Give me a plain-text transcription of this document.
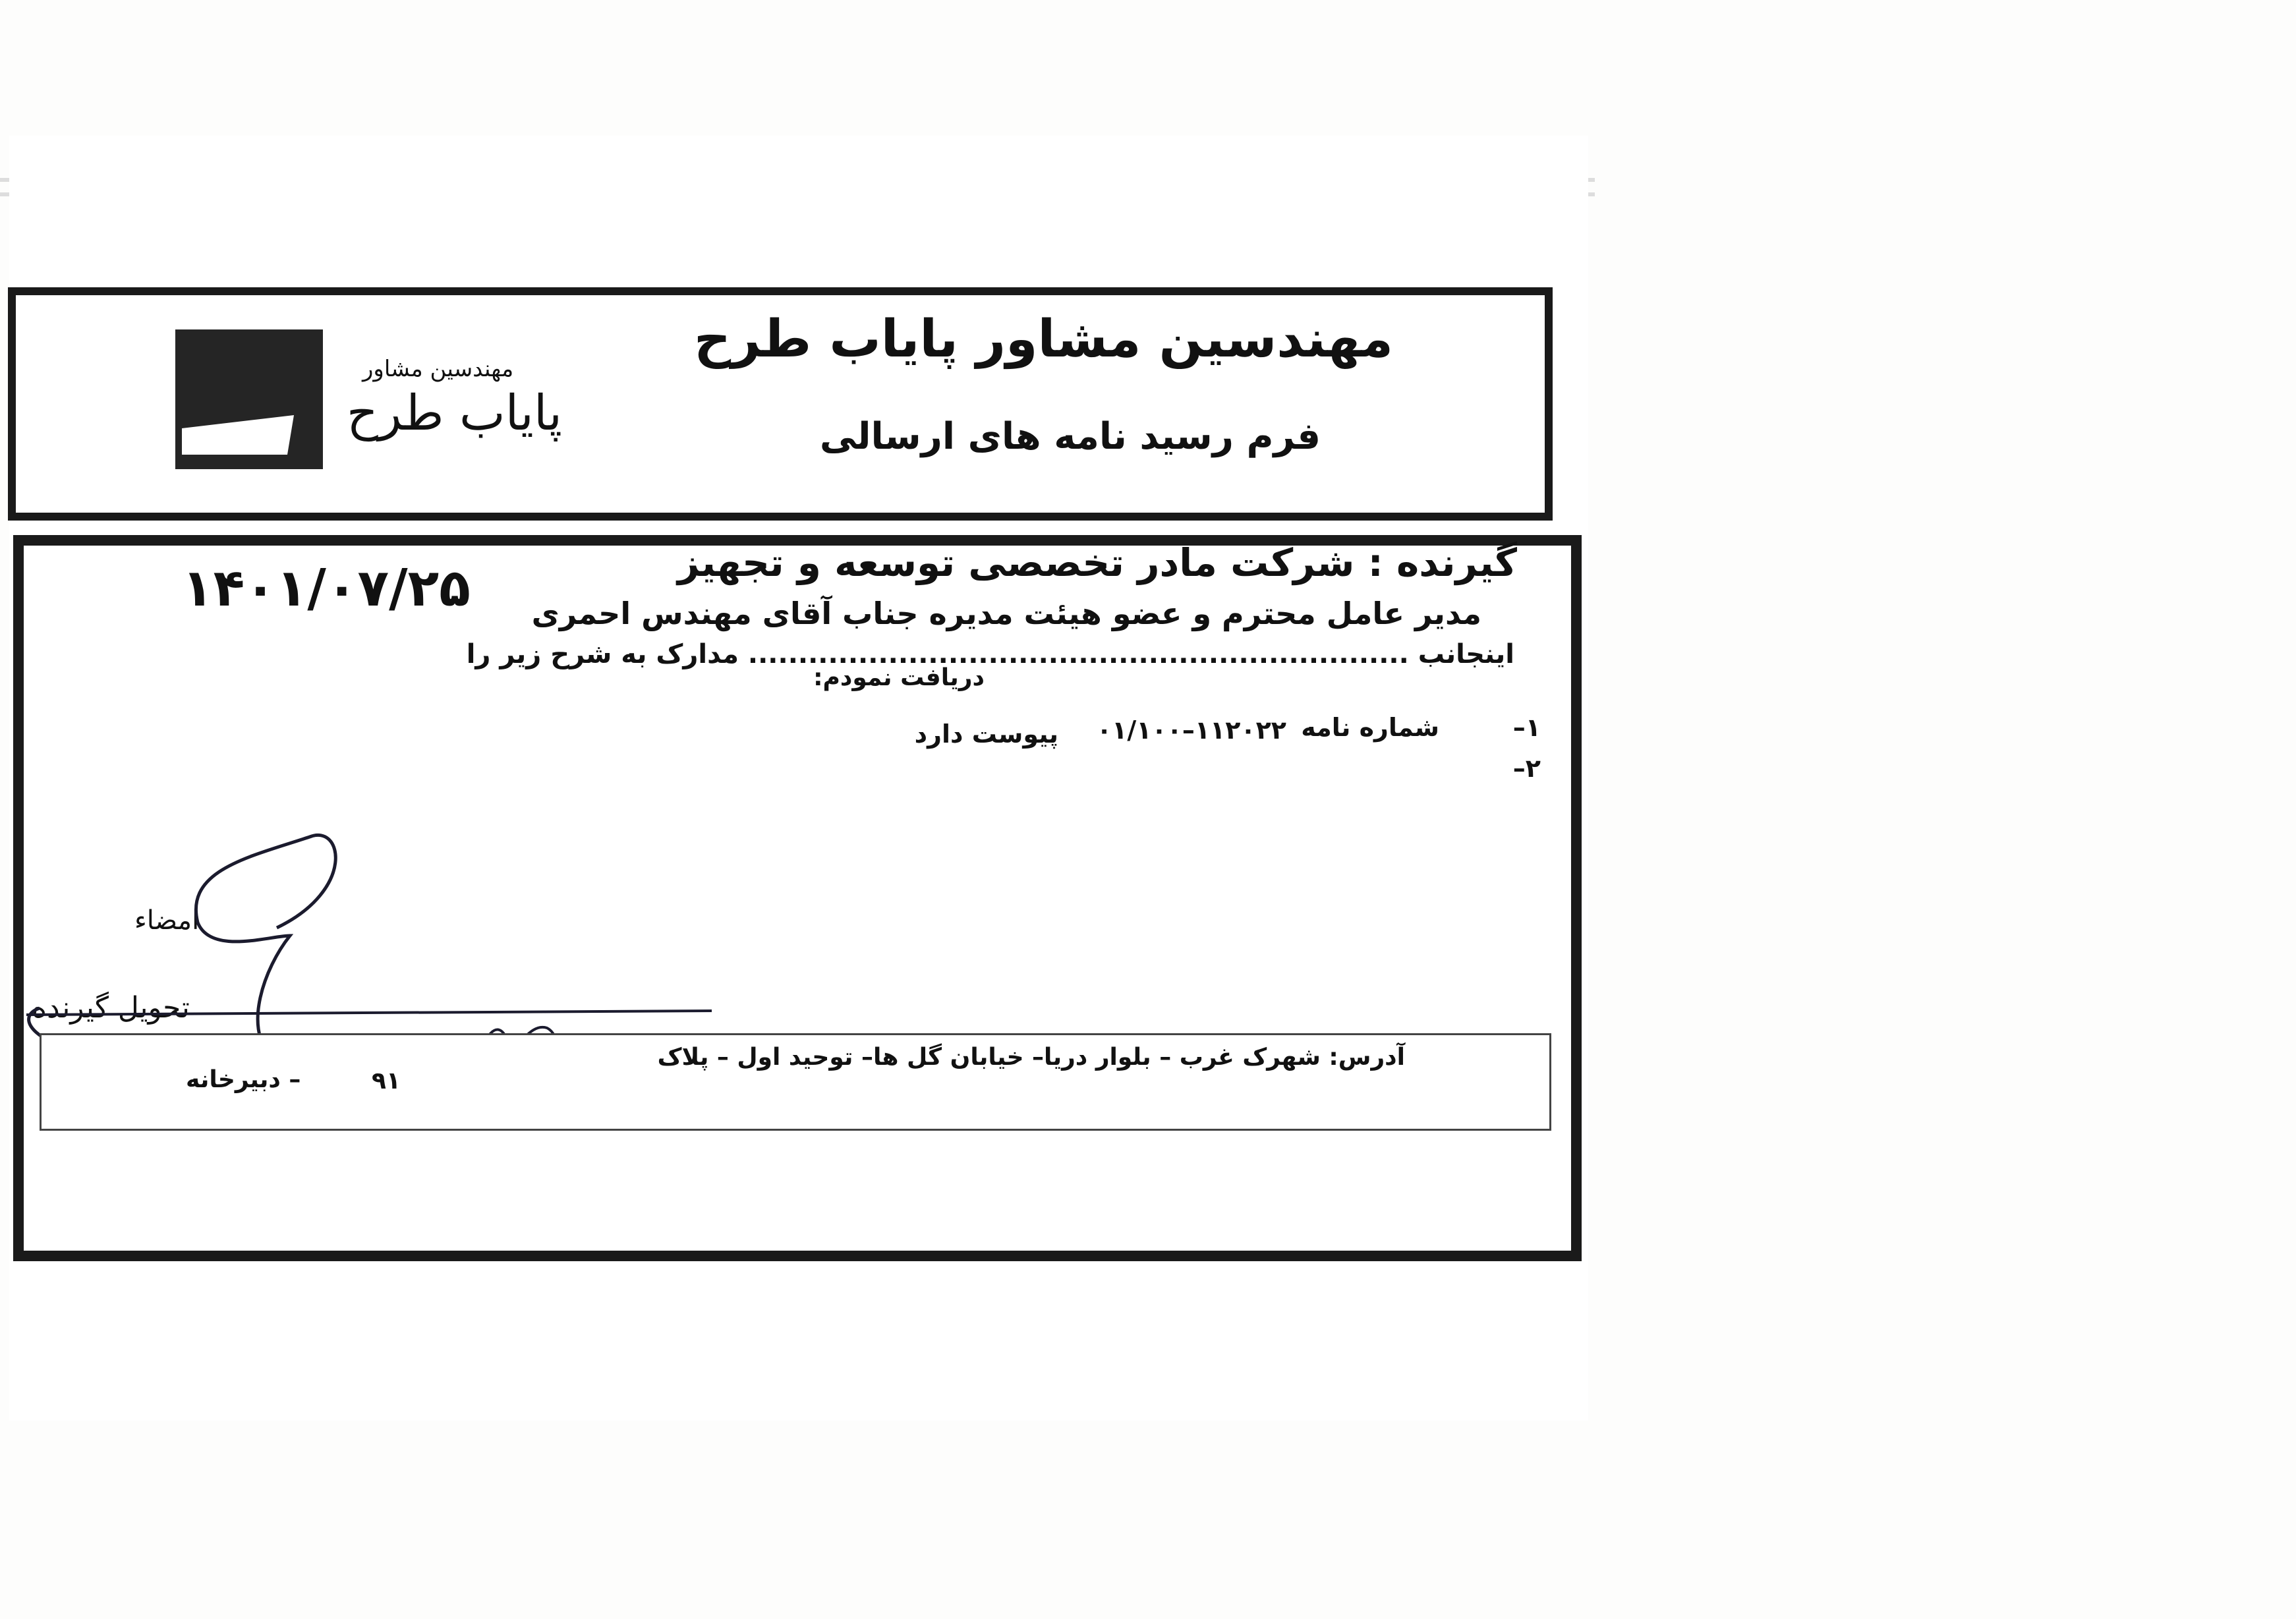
مهندسین مشاور
پایاب طرح
مهندسین مشاور پایاب طرح
فرم رسید نامه های ارسالی
۱۴۰۱/۰۷/۲۵	گیرنده : شرکت مادر تخصصی توسعه و تجهیز
مدیر عامل محترم و عضو هیئت مدیره جناب آقای مهندس احمری
اینجانب .................................................................. مدارک به شرح زیر را
دریافت نمودم:
۱–
شماره نامه
۱۱۲۰۲۲–۰۱/۱۰۰
پیوست دارد
۲–
امضاء
تحویل گیرنده
آدرس: شهرک غرب – بلوار دریا– خیابان گل ها– توحید اول – پلاک
۹۱
– دبیرخانه
